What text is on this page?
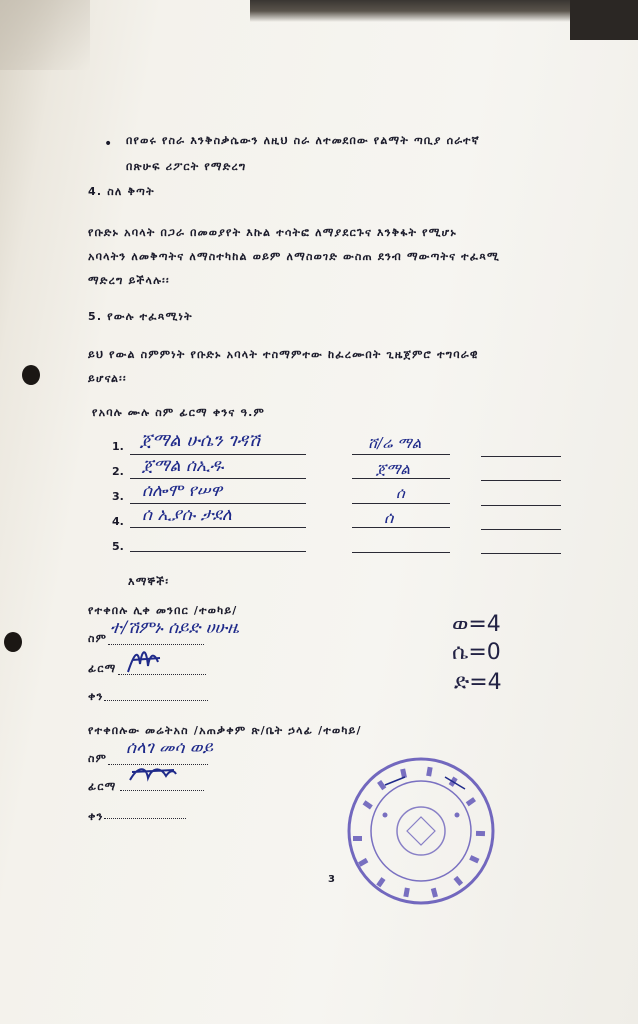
• በየወሩ የስራ እንቅስቃሴውን ለዚህ ስራ ለተመደበው የልማት ጣቢያ ሰራተኛ
በጽሁፍ ሪፖርት የማድረግ
4. ስለ ቅጣት
የቡድኑ አባላት በጋራ በመወያየት እኩል ተሳትፎ ለማያደርጉና እንቅፋት የሚሆኑ
አባላትን ለመቅጣትና ለማስተካከል ወይም ለማስወገድ ውስጠ ደንብ ማውጣትና ተፈጻሚ
ማድረግ ይችላሉ፡፡
5. የውሉ ተፈጻሚነት
ይህ የውል ስምምነት የቡድኑ አባላት ተስማምተው ከፈረሙበት ጊዜጀምሮ ተግባራዊ
ይሆናል፡፡
የአባሉ ሙሉ ስም ፊርማ ቀንና ዓ.ም
1. ጀማል ሁሴን ገዳሽ	ሸ/ሬ ማል
2. ጀማል ሰኢዱ	ጀማል
3. ሰሎሞ የሠዋ	ሰ
4. ሰ ኢያሱ ታደለ	ሰ
5.
እማኞች፡
የተቀበሉ ሊቀ መንበር /ተወካይ/
ስም
ተ/ሽምኑ ሰይድ ሀሁዜ
ፊርማ
ቀን
የተቀበሉው መሬትአስ /አጠቃቀም ጽ/ቤት ኃላፊ /ተወካይ/
ስም
ሰላገ መሳ ወይ
ፊርማ
ቀን
ወ=4
ሴ=0
ድ=4
3
